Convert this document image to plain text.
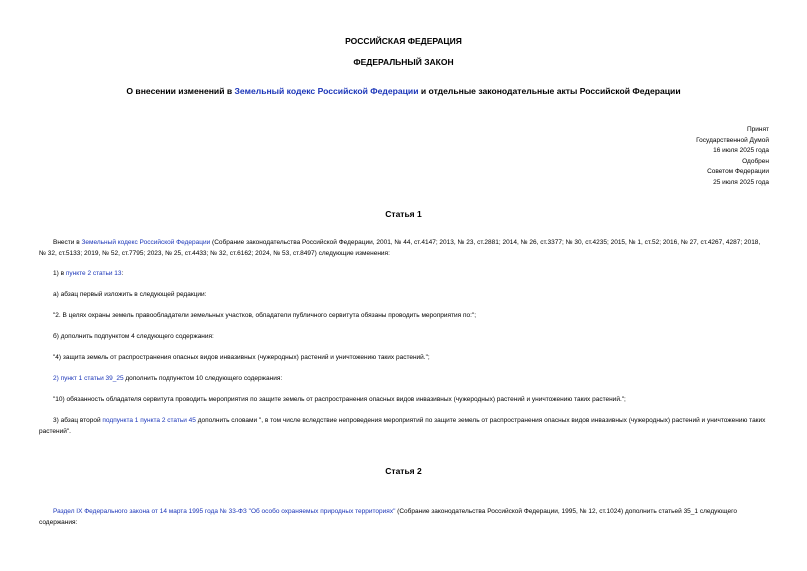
РОССИЙСКАЯ ФЕДЕРАЦИЯ
ФЕДЕРАЛЬНЫЙ ЗАКОН
О внесении изменений в Земельный кодекс Российской Федерации и отдельные законодательные акты Российской Федерации
Принят
Государственной Думой
16 июля 2025 года
Одобрен
Советом Федерации
25 июля 2025 года
Статья 1
Внести в Земельный кодекс Российской Федерации (Собрание законодательства Российской Федерации, 2001, № 44, ст.4147; 2013, № 23, ст.2881; 2014, № 26, ст.3377; № 30, ст.4235; 2015, № 1, ст.52; 2016, № 27, ст.4267, 4287; 2018, № 32, ст.5133; 2019, № 52, ст.7795; 2023, № 25, ст.4433; № 32, ст.6162; 2024, № 53, ст.8497) следующие изменения:
1) в пункте 2 статьи 13:
а) абзац первый изложить в следующей редакции:
"2. В целях охраны земель правообладатели земельных участков, обладатели публичного сервитута обязаны проводить мероприятия по:";
б) дополнить подпунктом 4 следующего содержания:
"4) защита земель от распространения опасных видов инвазивных (чужеродных) растений и уничтожению таких растений.";
2) пункт 1 статьи 39_25 дополнить подпунктом 10 следующего содержания:
"10) обязанность обладателя сервитута проводить мероприятия по защите земель от распространения опасных видов инвазивных (чужеродных) растений и уничтожению таких растений.";
3) абзац второй подпункта 1 пункта 2 статьи 45 дополнить словами ", в том числе вследствие непроведения мероприятий по защите земель от распространения опасных видов инвазивных (чужеродных) растений и уничтожению таких растений".
Статья 2
Раздел IX Федерального закона от 14 марта 1995 года № 33-ФЗ "Об особо охраняемых природных территориях" (Собрание законодательства Российской Федерации, 1995, № 12, ст.1024) дополнить статьей 35_1 следующего содержания:
